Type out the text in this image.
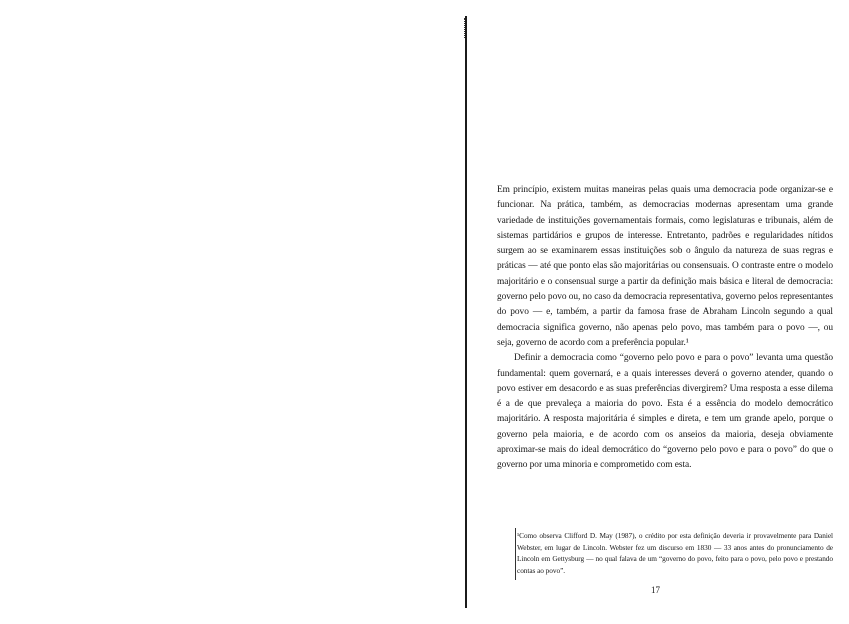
Em princípio, existem muitas maneiras pelas quais uma democracia pode organizar-se e funcionar. Na prática, também, as democracias modernas apresentam uma grande variedade de instituições governamentais formais, como legislaturas e tribunais, além de sistemas partidários e grupos de interesse. Entretanto, padrões e regularidades nítidos surgem ao se examinarem essas instituições sob o ângulo da natureza de suas regras e práticas — até que ponto elas são majoritárias ou consensuais. O contraste entre o modelo majoritário e o consensual surge a partir da definição mais básica e literal de democracia: governo pelo povo ou, no caso da democracia representativa, governo pelos representantes do povo — e, também, a partir da famosa frase de Abraham Lincoln segundo a qual democracia significa governo, não apenas pelo povo, mas também para o povo —, ou seja, governo de acordo com a preferência popular.¹

Definir a democracia como “governo pelo povo e para o povo” levanta uma questão fundamental: quem governará, e a quais interesses deverá o governo atender, quando o povo estiver em desacordo e as suas preferências divergirem? Uma resposta a esse dilema é a de que prevaleça a maioria do povo. Esta é a essência do modelo democrático majoritário. A resposta majoritária é simples e direta, e tem um grande apelo, porque o governo pela maioria, e de acordo com os anseios da maioria, deseja obviamente aproximar-se mais do ideal democrático do “governo pelo povo e para o povo” do que o governo por uma minoria e comprometido com esta.

¹Como observa Clifford D. May (1987), o crédito por esta definição deveria ir provavelmente para Daniel Webster, em lugar de Lincoln. Webster fez um discurso em 1830 — 33 anos antes do pronunciamento de Lincoln em Gettysburg — no qual falava de um “governo do povo, feito para o povo, pelo povo e prestando contas ao povo”.

17
